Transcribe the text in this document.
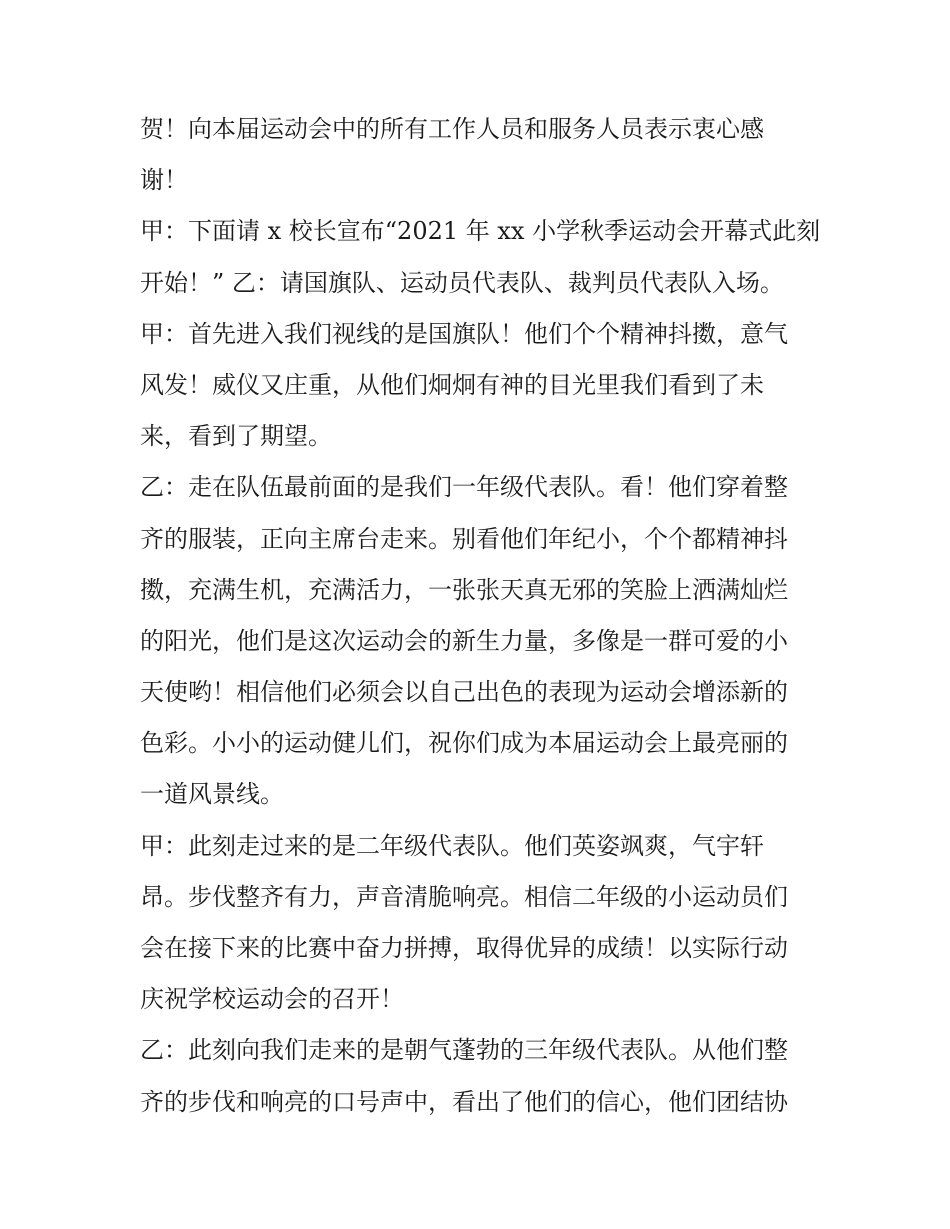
贺！向本届运动会中的所有工作人员和服务人员表示衷心感
谢！
甲：下面请 x 校长宣布“2021 年 xx 小学秋季运动会开幕式此刻
开始！” 乙：请国旗队、运动员代表队、裁判员代表队入场。
甲：首先进入我们视线的是国旗队！他们个个精神抖擞，意气
风发！威仪又庄重，从他们炯炯有神的目光里我们看到了未
来，看到了期望。
乙：走在队伍最前面的是我们一年级代表队。看！他们穿着整
齐的服装，正向主席台走来。别看他们年纪小，个个都精神抖
擞，充满生机，充满活力，一张张天真无邪的笑脸上洒满灿烂
的阳光，他们是这次运动会的新生力量，多像是一群可爱的小
天使哟！相信他们必须会以自己出色的表现为运动会增添新的
色彩。小小的运动健儿们，祝你们成为本届运动会上最亮丽的
一道风景线。
甲：此刻走过来的是二年级代表队。他们英姿飒爽，气宇轩
昂。步伐整齐有力，声音清脆响亮。相信二年级的小运动员们
会在接下来的比赛中奋力拼搏，取得优异的成绩！以实际行动
庆祝学校运动会的召开！
乙：此刻向我们走来的是朝气蓬勃的三年级代表队。从他们整
齐的步伐和响亮的口号声中，看出了他们的信心，他们团结协
